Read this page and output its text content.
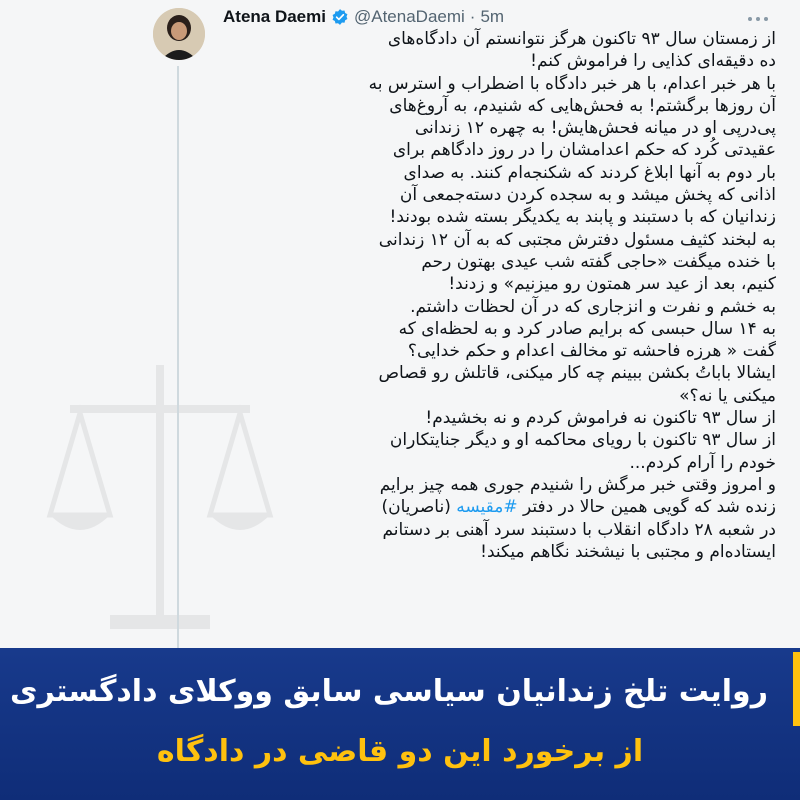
Atena Daemi @AtenaDaemi · 5m
از زمستان سال ۹۳ تاکنون هرگز نتوانستم آن دادگاه‌های
ده دقیقه‌ای کذایی را فراموش کنم!
با هر خبر اعدام، با هر خبر دادگاه با اضطراب و استرس به
آن روزها برگشتم! به فحش‌هایی که شنیدم، به آروغ‌های
پی‌درپی او در میانه فحش‌هایش! به چهره ۱۲ زندانی
عقیدتی کُرد که حکم اعدامشان را در روز دادگاهم برای
بار دوم به آنها ابلاغ کردند که شکنجه‌ام کنند. به صدای
اذانی که پخش میشد و به سجده کردن دسته‌جمعی آن
زندانیان که با دستبند و پابند به یکدیگر بسته شده بودند!
به لبخند کثیف مسئول دفترش مجتبی که به آن ۱۲ زندانی
با خنده میگفت «حاجی گفته شب عیدی بهتون رحم
کنیم، بعد از عید سر همتون رو میزنیم» و زدند!
به خشم و نفرت و انزجاری که در آن لحظات داشتم.
به ۱۴ سال حبسی که برایم صادر کرد و به لحظه‌ای که
گفت « هرزه فاحشه تو مخالف اعدام و حکم خدایی؟
ایشالا باباتُ بکشن ببینم چه کار میکنی، قاتلش رو قصاص
میکنی یا نه؟»
از سال ۹۳ تاکنون نه فراموش کردم و نه بخشیدم!
از سال ۹۳ تاکنون با رویای محاکمه او و دیگر جنایتکاران
خودم را آرام کردم...
و امروز وقتی خبر مرگش را شنیدم جوری همه چیز برایم
زنده شد که گویی همین حالا در دفتر #مقیسه (ناصریان)
در شعبه ۲۸ دادگاه انقلاب با دستبند سرد آهنی بر دستانم
ایستاده‌ام و مجتبی با نیشخند نگاهم میکند!
روایت تلخ زندانیان سیاسی سابق ووکلای دادگستری
از برخورد این دو قاضی در دادگاه
